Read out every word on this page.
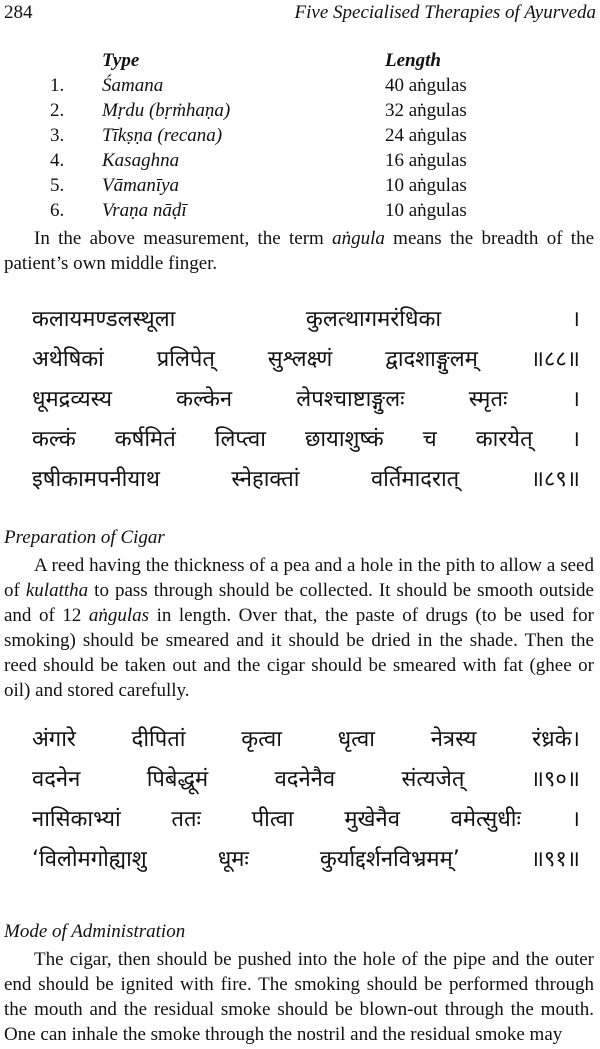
284	Five Specialised Therapies of Ayurveda
Type	Length
1. Śamana	40 aṅgulas
2. Mṛdu (bṛṁhaṇa)	32 aṅgulas
3. Tīkṣṇa (recana)	24 aṅgulas
4. Kasaghna	16 aṅgulas
5. Vāmanīya	10 aṅgulas
6. Vraṇa nāḍī	10 aṅgulas

In the above measurement, the term aṅgula means the breadth of the patient’s own middle finger.

कलायमण्डलस्थूला	कुलत्थागमरंधिका	।
अथेषिकां प्रलिपेत् सुश्लक्ष्णं द्वादशाङ्गुलम् ॥८८॥
धूमद्रव्यस्य	कल्केन	लेपश्चाष्टाङ्गुलः	स्मृतः	।
कल्कं कर्षमितं लिप्त्वा छायाशुष्कं च कारयेत् ।
इषीकामपनीयाथ	स्नेहाक्तां	वर्तिमादरात्	॥८९॥
Preparation of Cigar

A reed having the thickness of a pea and a hole in the pith to allow a seed of kulattha to pass through should be collected. It should be smooth outside and of 12 aṅgulas in length. Over that, the paste of drugs (to be used for smoking) should be smeared and it should be dried in the shade. Then the reed should be taken out and the cigar should be smeared with fat (ghee or oil) and stored carefully.

अंगारे	दीपितां	कृत्वा	धृत्वा	नेत्रस्य	रंध्रके।
वदनेन	पिबेद्धूमं	वदनेनैव	संत्यजेत्	॥९०॥
नासिकाभ्यां ततः पीत्वा मुखेनैव वमेत्सुधीः ।
‘विलोमगोह्याशु	धूमः	कुर्याद्दर्शनविभ्रमम्’	॥९१॥
Mode of Administration

The cigar, then should be pushed into the hole of the pipe and the outer end should be ignited with fire. The smoking should be performed through the mouth and the residual smoke should be blown-out through the mouth. One can inhale the smoke through the nostril and the residual smoke may
